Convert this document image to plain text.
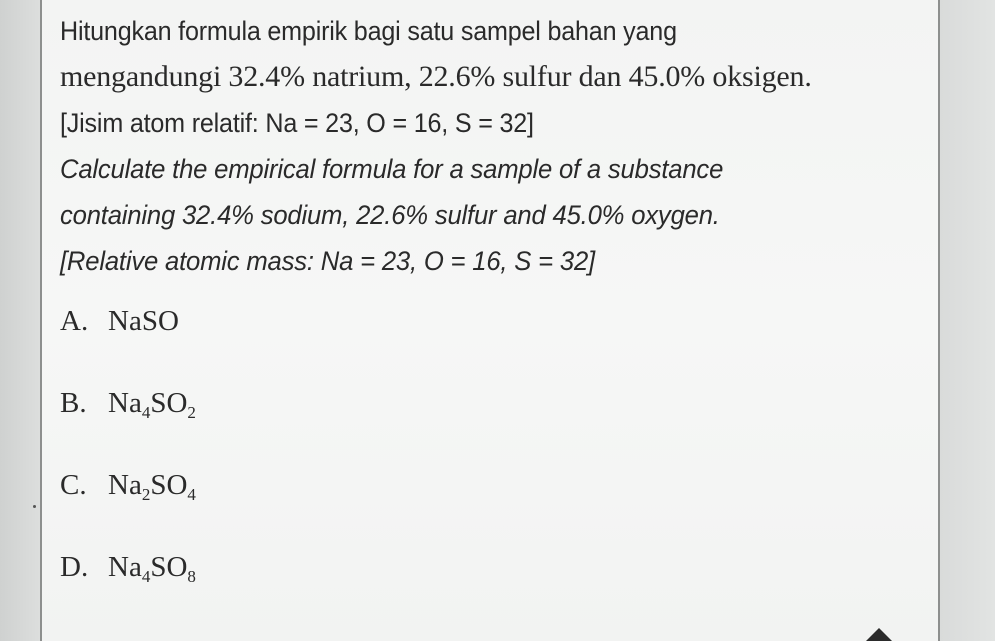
Hitungkan formula empirik bagi satu sampel bahan yang
mengandungi 32.4% natrium, 22.6% sulfur dan 45.0% oksigen.
[Jisim atom relatif: Na = 23, O = 16, S = 32]
Calculate the empirical formula for a sample of a substance
containing 32.4% sodium, 22.6% sulfur and 45.0% oxygen.
[Relative atomic mass: Na = 23, O = 16, S = 32]
A. NaSO
B. $Na_4SO_2$
C. $Na_2SO_4$
D. $Na_4SO_8$
